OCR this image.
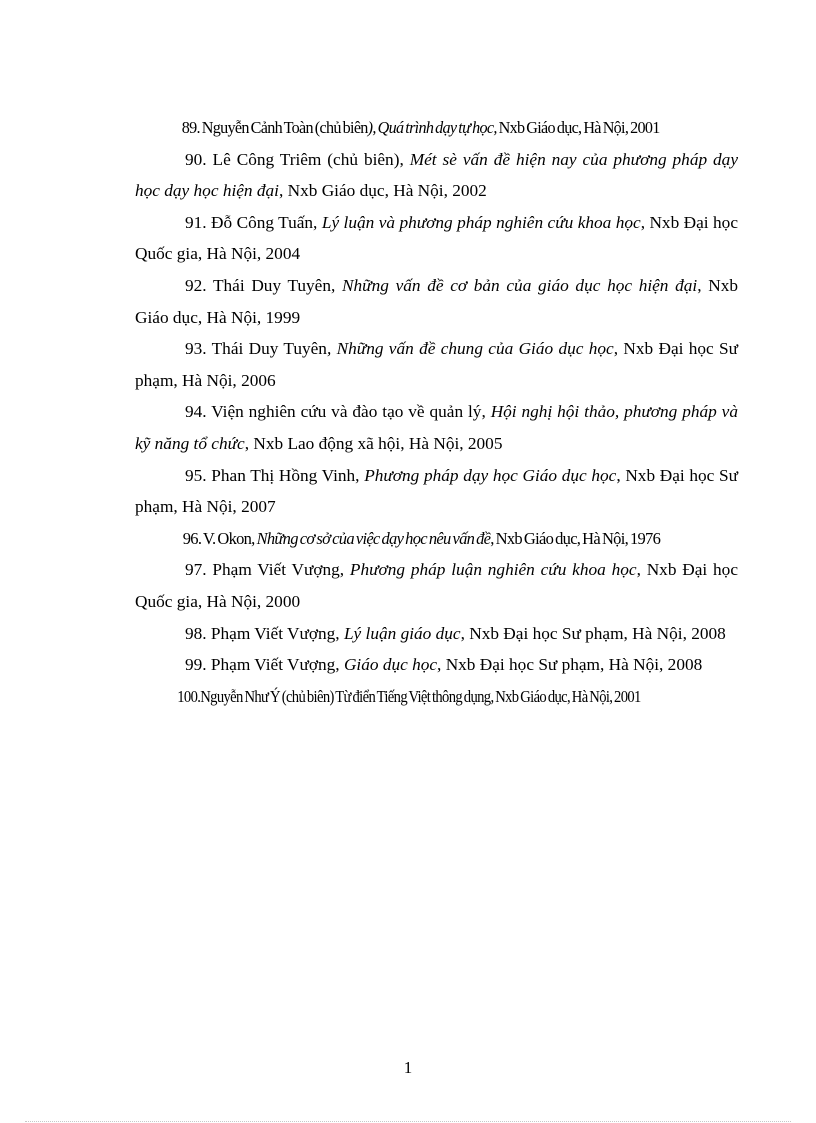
89. Nguyễn Cảnh Toàn (chủ biên), Quá trình dạy tự học, Nxb Giáo dục, Hà Nội, 2001

90. Lê Công Triêm (chủ biên), Mét sè vấn đề hiện nay của phương pháp dạy học dạy học hiện đại, Nxb Giáo dục, Hà Nội, 2002

91. Đỗ Công Tuấn, Lý luận và phương pháp nghiên cứu khoa học, Nxb Đại học Quốc gia, Hà Nội, 2004

92. Thái Duy Tuyên, Những vấn đề cơ bản của giáo dục học hiện đại, Nxb Giáo dục, Hà Nội, 1999

93. Thái Duy Tuyên, Những vấn đề chung của Giáo dục học, Nxb Đại học Sư phạm, Hà Nội, 2006

94. Viện nghiên cứu và đào tạo về quản lý, Hội nghị hội thảo, phương pháp và kỹ năng tổ chức, Nxb Lao động xã hội, Hà Nội, 2005

95. Phan Thị Hồng Vinh, Phương pháp dạy học Giáo dục học, Nxb Đại học Sư phạm, Hà Nội, 2007

96. V. Okon, Những cơ sở của việc dạy học nêu vấn đề, Nxb Giáo dục, Hà Nội, 1976

97. Phạm Viết Vượng, Phương pháp luận nghiên cứu khoa học, Nxb Đại học Quốc gia, Hà Nội, 2000

98. Phạm Viết Vượng, Lý luận giáo dục, Nxb Đại học Sư phạm, Hà Nội, 2008

99. Phạm Viết Vượng, Giáo dục học, Nxb Đại học Sư phạm, Hà Nội, 2008

100.Nguyễn Như Ý (chủ biên) Từ điển Tiếng Việt thông dụng, Nxb Giáo dục, Hà Nội, 2001

1
